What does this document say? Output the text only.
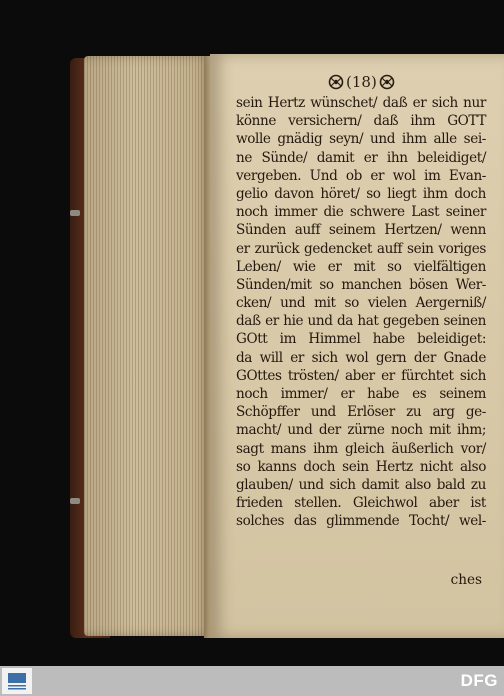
(18)
sein Hertz wünschet/ daß er sich nur
könne versichern/ daß ihm GOTT
wolle gnädig seyn/ und ihm alle sei-
ne Sünde/ damit er ihn beleidiget/
vergeben. Und ob er wol im Evan-
gelio davon höret/ so liegt ihm doch
noch immer die schwere Last seiner
Sünden auff seinem Hertzen/ wenn
er zurück gedencket auff sein voriges
Leben/ wie er mit so vielfältigen
Sünden/mit so manchen bösen Wer-
cken/ und mit so vielen Aergerniß/
daß er hie und da hat gegeben seinen
GOtt im Himmel habe beleidiget:
da will er sich wol gern der Gnade
GOttes trösten/ aber er fürchtet sich
noch immer/ er habe es seinem
Schöpffer und Erlöser zu arg ge-
macht/ und der zürne noch mit ihm;
sagt mans ihm gleich äußerlich vor/
so kanns doch sein Hertz nicht also
glauben/ und sich damit also bald zu
frieden stellen. Gleichwol aber ist
solches das glimmende Tocht/ wel-
ches
DFG
